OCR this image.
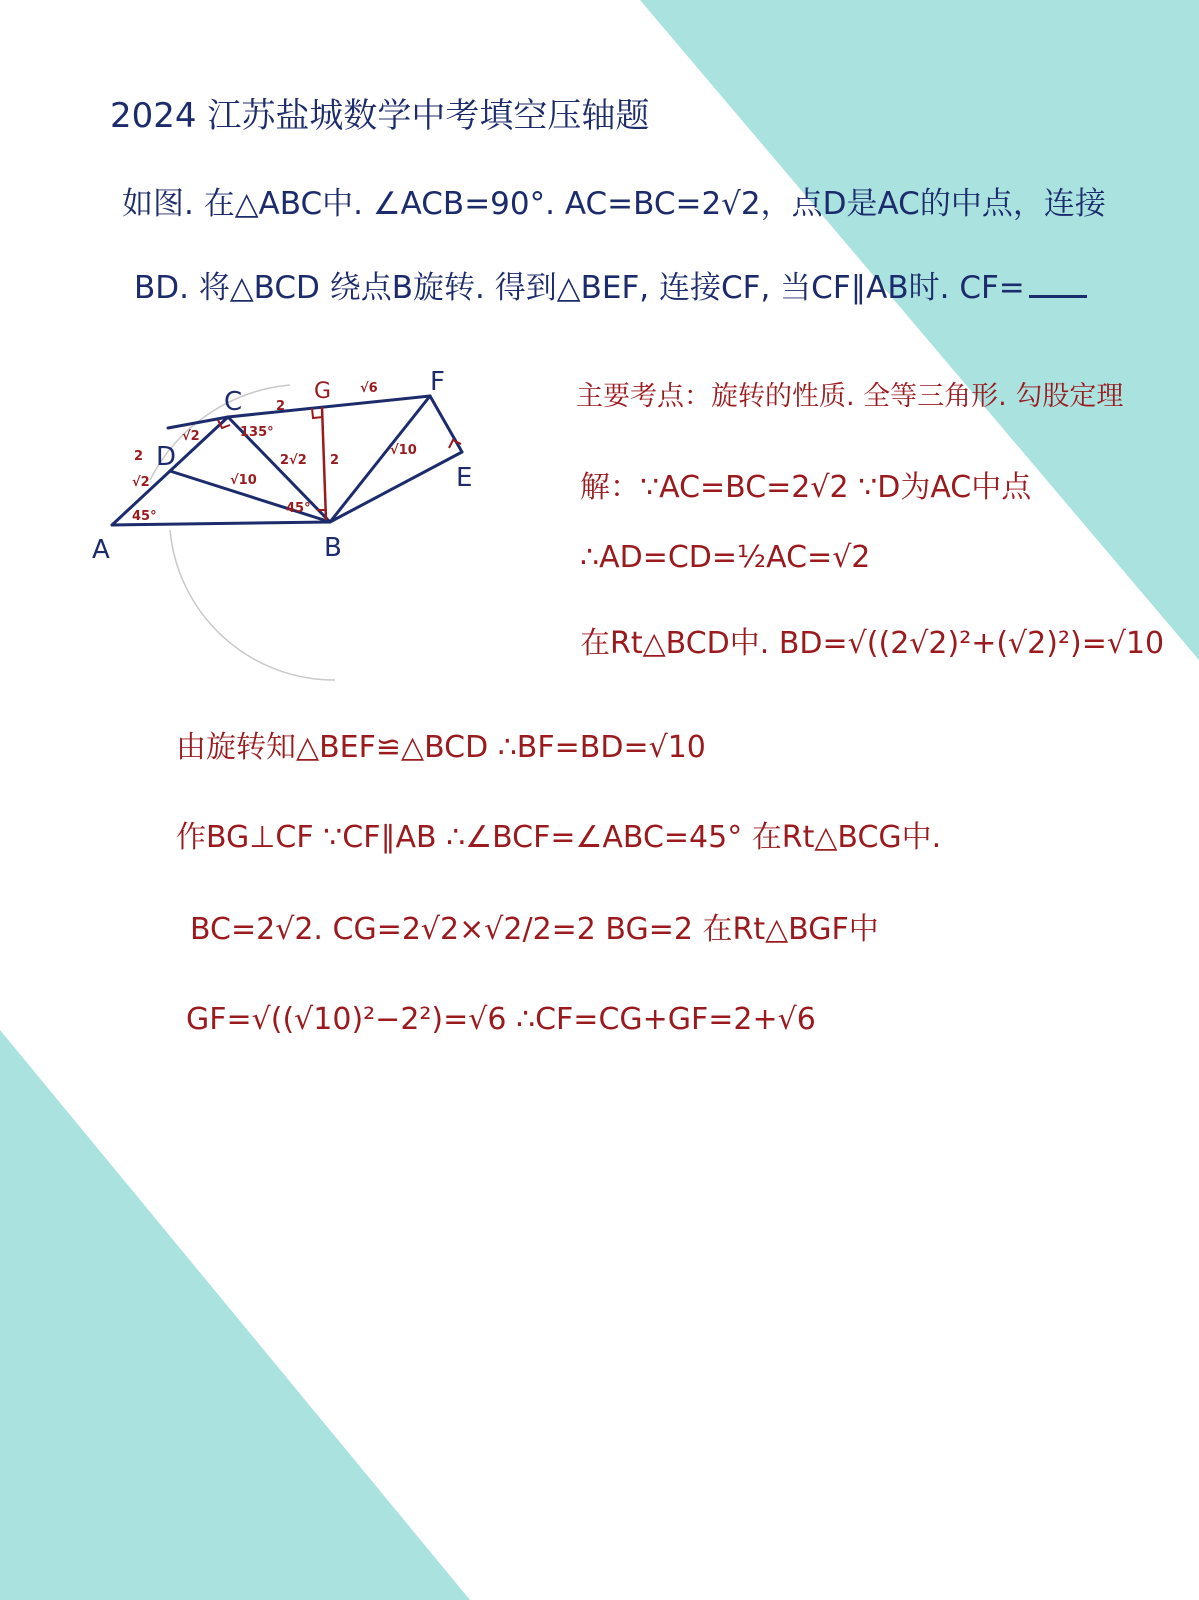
2024 江苏盐城数学中考填空压轴题
如图. 在△ABC中. ∠ACB=90°. AC=BC=2√2，点D是AC的中点，连接
BD. 将△BCD 绕点B旋转. 得到△BEF, 连接CF, 当CF∥AB时. CF=
A	B
C
D
E
F
G
2
√6
2
√2
√2
√10
2√2 2
√10
45°
45°
135°
主要考点：旋转的性质. 全等三角形. 勾股定理
解：∵AC=BC=2√2 ∵D为AC中点
∴AD=CD=½AC=√2
在Rt△BCD中. BD=√((2√2)²+(√2)²)=√10
由旋转知△BEF≌△BCD ∴BF=BD=√10
作BG⊥CF ∵CF∥AB ∴∠BCF=∠ABC=45° 在Rt△BCG中.
BC=2√2. CG=2√2×√2/2=2 BG=2 在Rt△BGF中
GF=√((√10)²−2²)=√6 ∴CF=CG+GF=2+√6
